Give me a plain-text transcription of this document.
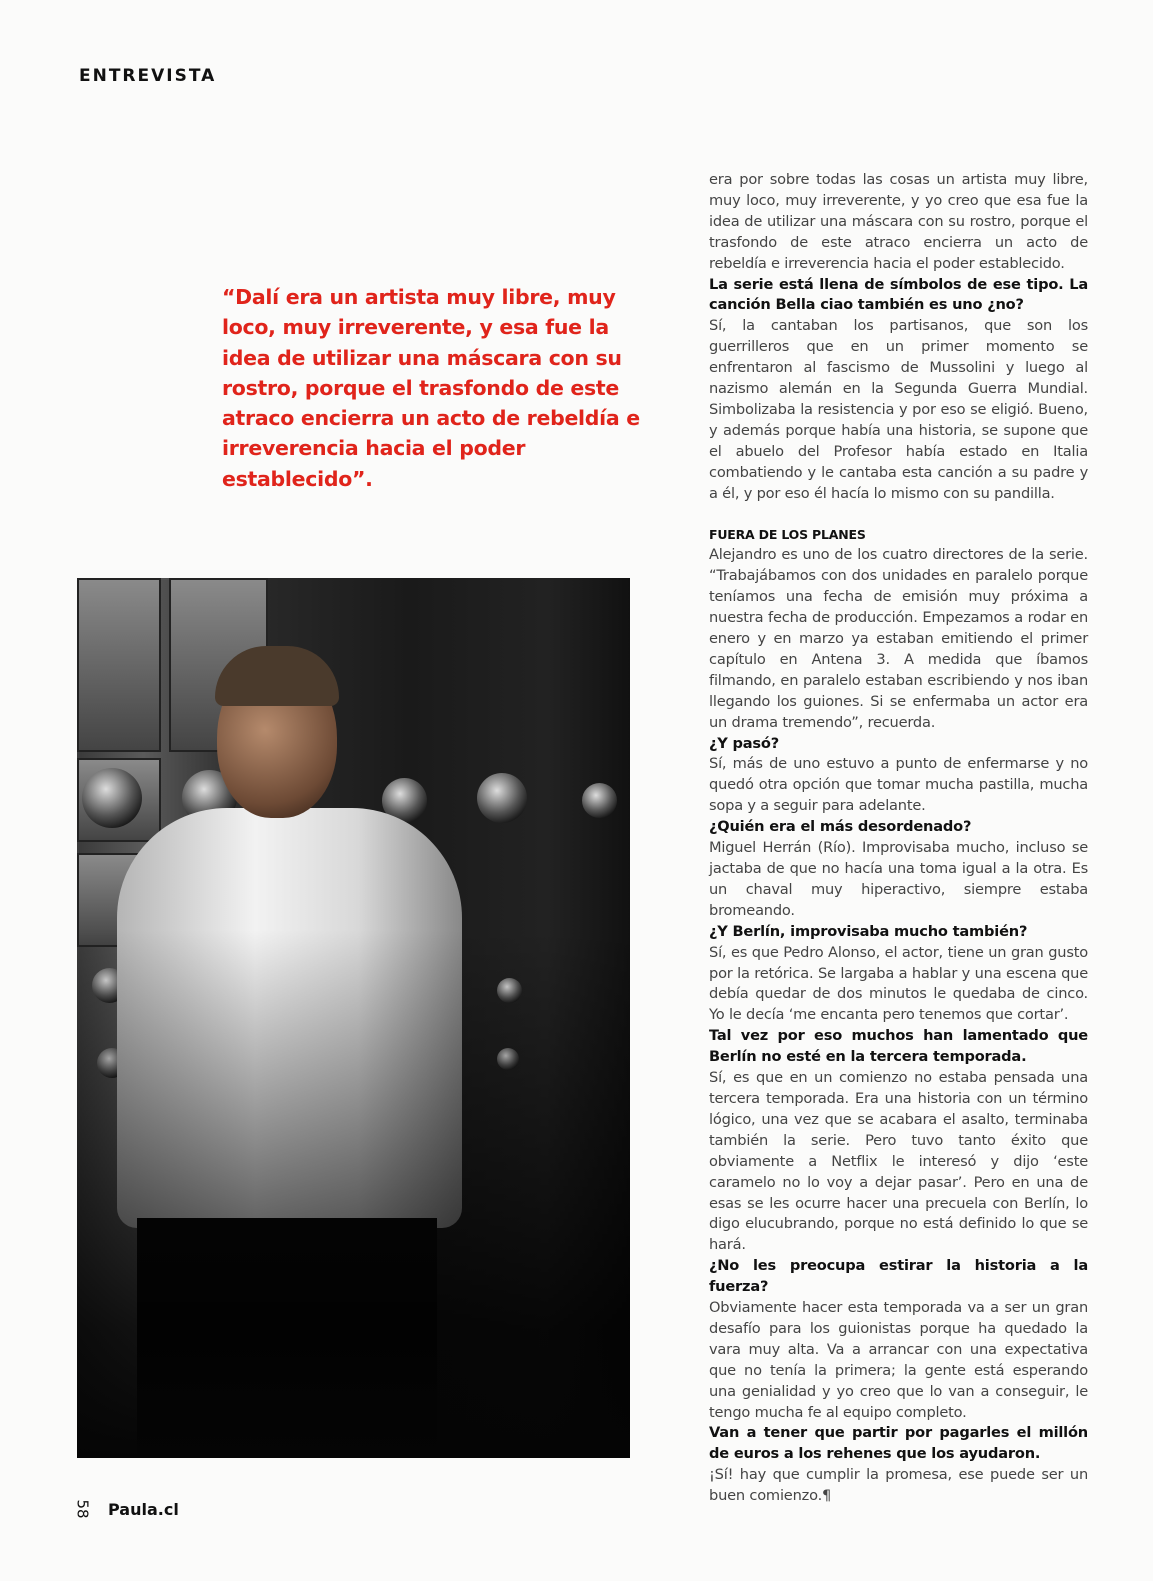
ENTREVISTA
“Dalí era un artista muy libre, muy loco, muy irreverente, y esa fue la idea de utilizar una máscara con su rostro, porque el trasfondo de este atraco encierra un acto de rebeldía e irreverencia hacia el poder establecido”.

era por sobre todas las cosas un artista muy libre, muy loco, muy irreverente, y yo creo que esa fue la idea de utilizar una máscara con su rostro, porque el trasfondo de este atraco encierra un acto de rebeldía e irreverencia hacia el poder establecido.

La serie está llena de símbolos de ese tipo. La canción Bella ciao también es uno ¿no?

Sí, la cantaban los partisanos, que son los guerrilleros que en un primer momento se enfrentaron al fascismo de Mussolini y luego al nazismo alemán en la Segunda Guerra Mundial. Simbolizaba la resistencia y por eso se eligió. Bueno, y además porque había una historia, se supone que el abuelo del Profesor había estado en Italia combatiendo y le cantaba esta canción a su padre y a él, y por eso él hacía lo mismo con su pandilla.

FUERA DE LOS PLANES

Alejandro es uno de los cuatro directores de la serie. “Trabajábamos con dos unidades en paralelo porque teníamos una fecha de emisión muy próxima a nuestra fecha de producción. Empezamos a rodar en enero y en marzo ya estaban emitiendo el primer capítulo en Antena 3. A medida que íbamos filmando, en paralelo estaban escribiendo y nos iban llegando los guiones. Si se enfermaba un actor era un drama tremendo”, recuerda.

¿Y pasó?

Sí, más de uno estuvo a punto de enfermarse y no quedó otra opción que tomar mucha pastilla, mucha sopa y a seguir para adelante.

¿Quién era el más desordenado?

Miguel Herrán (Río). Improvisaba mucho, incluso se jactaba de que no hacía una toma igual a la otra. Es un chaval muy hiperactivo, siempre estaba bromeando.

¿Y Berlín, improvisaba mucho también?

Sí, es que Pedro Alonso, el actor, tiene un gran gusto por la retórica. Se largaba a hablar y una escena que debía quedar de dos minutos le quedaba de cinco. Yo le decía ‘me encanta pero tenemos que cortar’.

Tal vez por eso muchos han lamentado que Berlín no esté en la tercera temporada.

Sí, es que en un comienzo no estaba pensada una tercera temporada. Era una historia con un término lógico, una vez que se acabara el asalto, terminaba también la serie. Pero tuvo tanto éxito que obviamente a Netflix le interesó y dijo ‘este caramelo no lo voy a dejar pasar’. Pero en una de esas se les ocurre hacer una precuela con Berlín, lo digo elucubrando, porque no está definido lo que se hará.

¿No les preocupa estirar la historia a la fuerza?

Obviamente hacer esta temporada va a ser un gran desafío para los guionistas porque ha quedado la vara muy alta. Va a arrancar con una expectativa que no tenía la primera; la gente está esperando una genialidad y yo creo que lo van a conseguir, le tengo mucha fe al equipo completo.

Van a tener que partir por pagarles el millón de euros a los rehenes que los ayudaron.

¡Sí! hay que cumplir la promesa, ese puede ser un buen comienzo.¶

58 Paula.cl
